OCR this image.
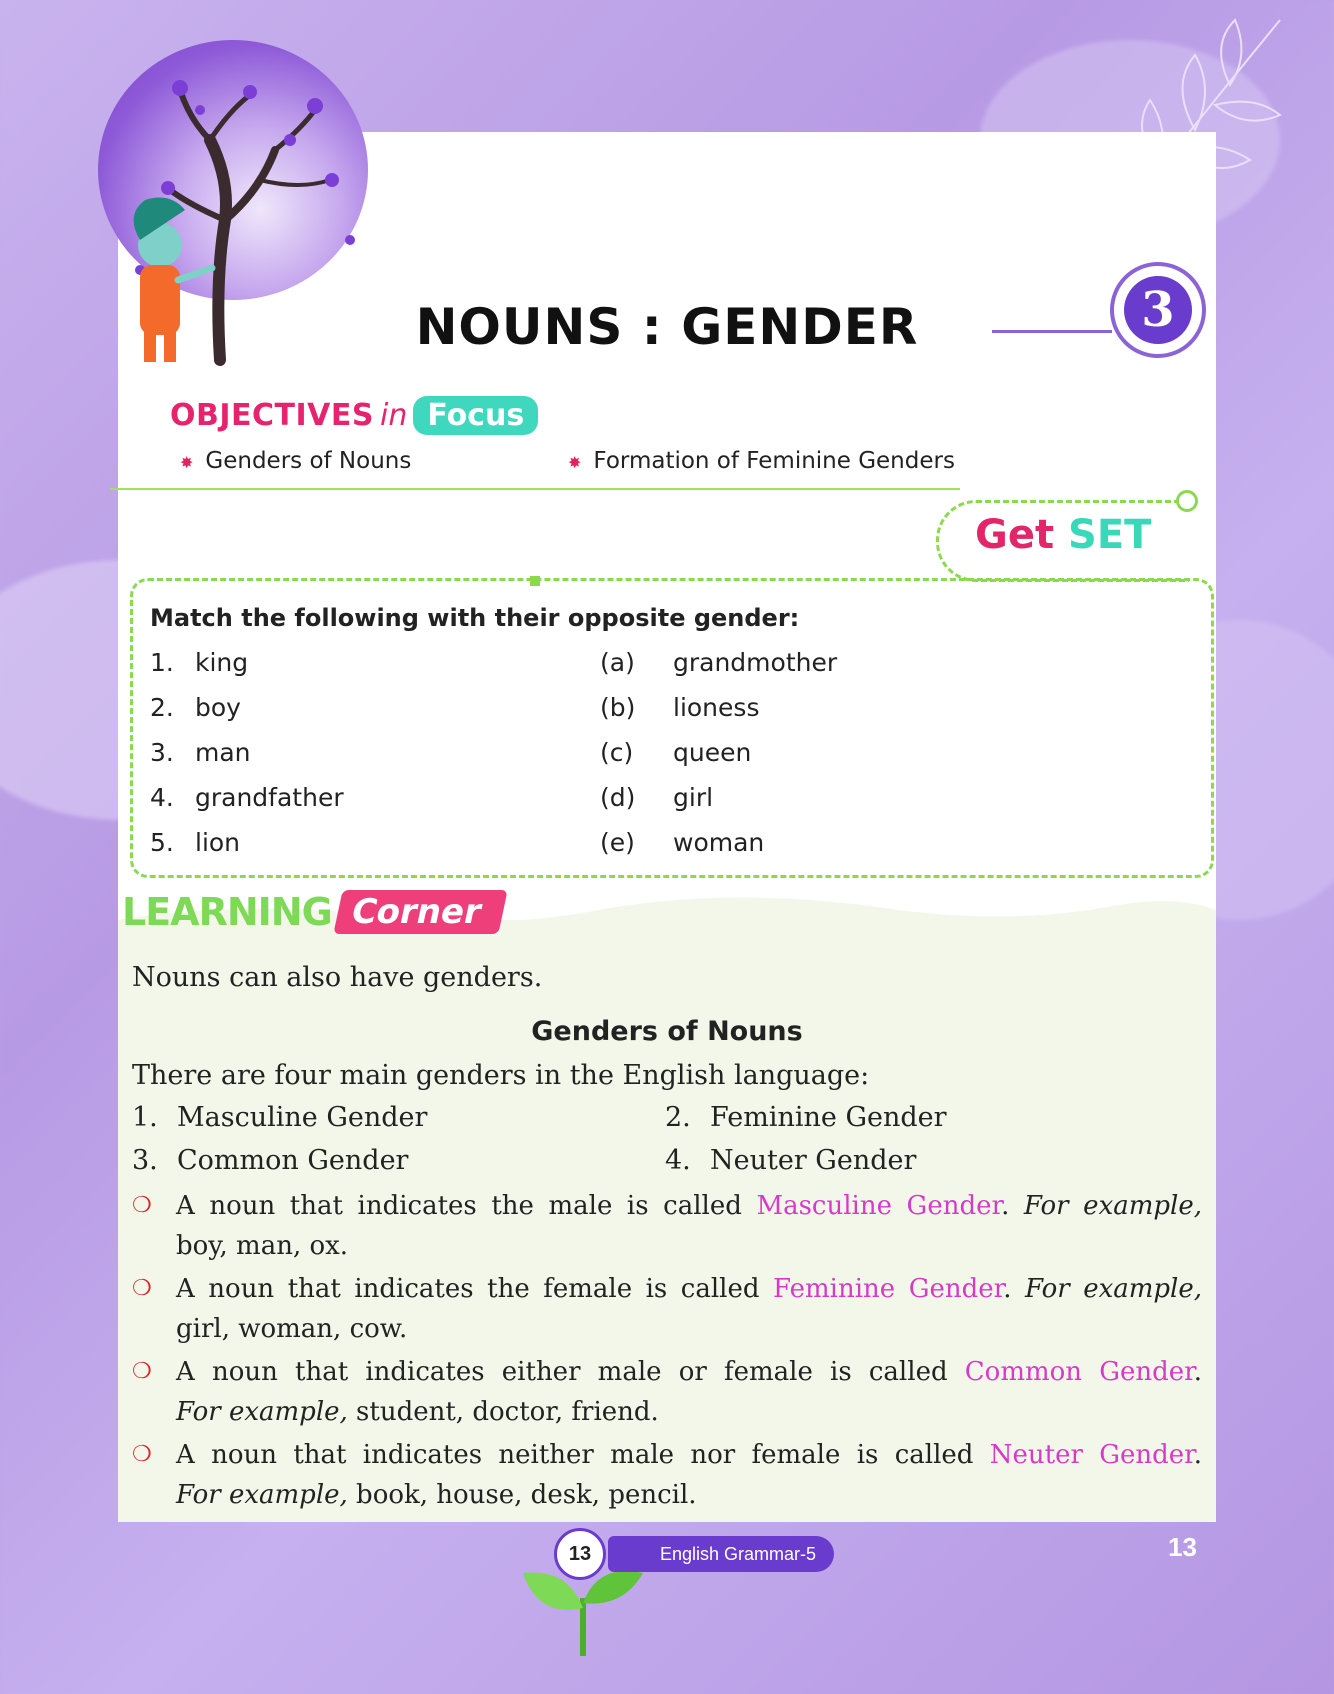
NOUNS : GENDER	3
OBJECTIVES in Focus
✸ Genders of Nouns	✸ Formation of Feminine Genders
Get SET

Match the following with their opposite gender:

1. king	(a) grandmother
2. boy	(b) lioness
3. man	(c) queen
4. grandfather	(d) girl
5. lion	(e) woman
LEARNING Corner

Nouns can also have genders.

Genders of Nouns

There are four main genders in the English language:

1. Masculine Gender	2. Feminine Gender
3. Common Gender	4. Neuter Gender
❍ A noun that indicates the male is called Masculine Gender. For example,
boy, man, ox.
❍ A noun that indicates the female is called Feminine Gender. For example,
girl, woman, cow.
❍ A noun that indicates either male or female is called Common Gender.
For example, student, doctor, friend.
❍ A noun that indicates neither male nor female is called Neuter Gender.
For example, book, house, desk, pencil.
English Grammar-5
13	13
